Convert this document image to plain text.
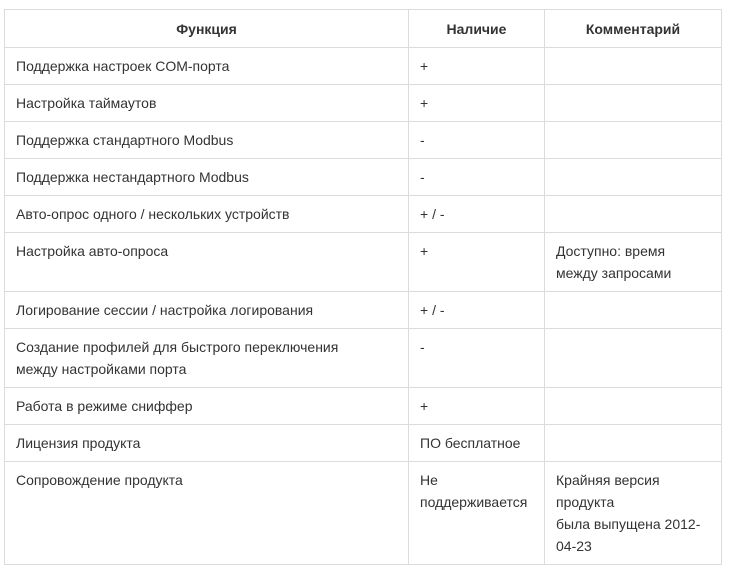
Функция	Наличие	Комментарий
Поддержка настроек COM-порта	+	
Настройка таймаутов	+	
Поддержка стандартного Modbus	-	
Поддержка нестандартного Modbus	-	
Авто-опрос одного / нескольких устройств	+ / -	
Настройка авто-опроса	+	Доступно: время
между запросами
Логирование сессии / настройка логирования	+ / -	
Создание профилей для быстрого переключения
между настройками порта	-	
Работа в режиме сниффер	+	
Лицензия продукта	ПО бесплатное	
Сопровождение продукта	Не
поддерживается	Крайняя версия
продукта
была выпущена 2012-
04-23
